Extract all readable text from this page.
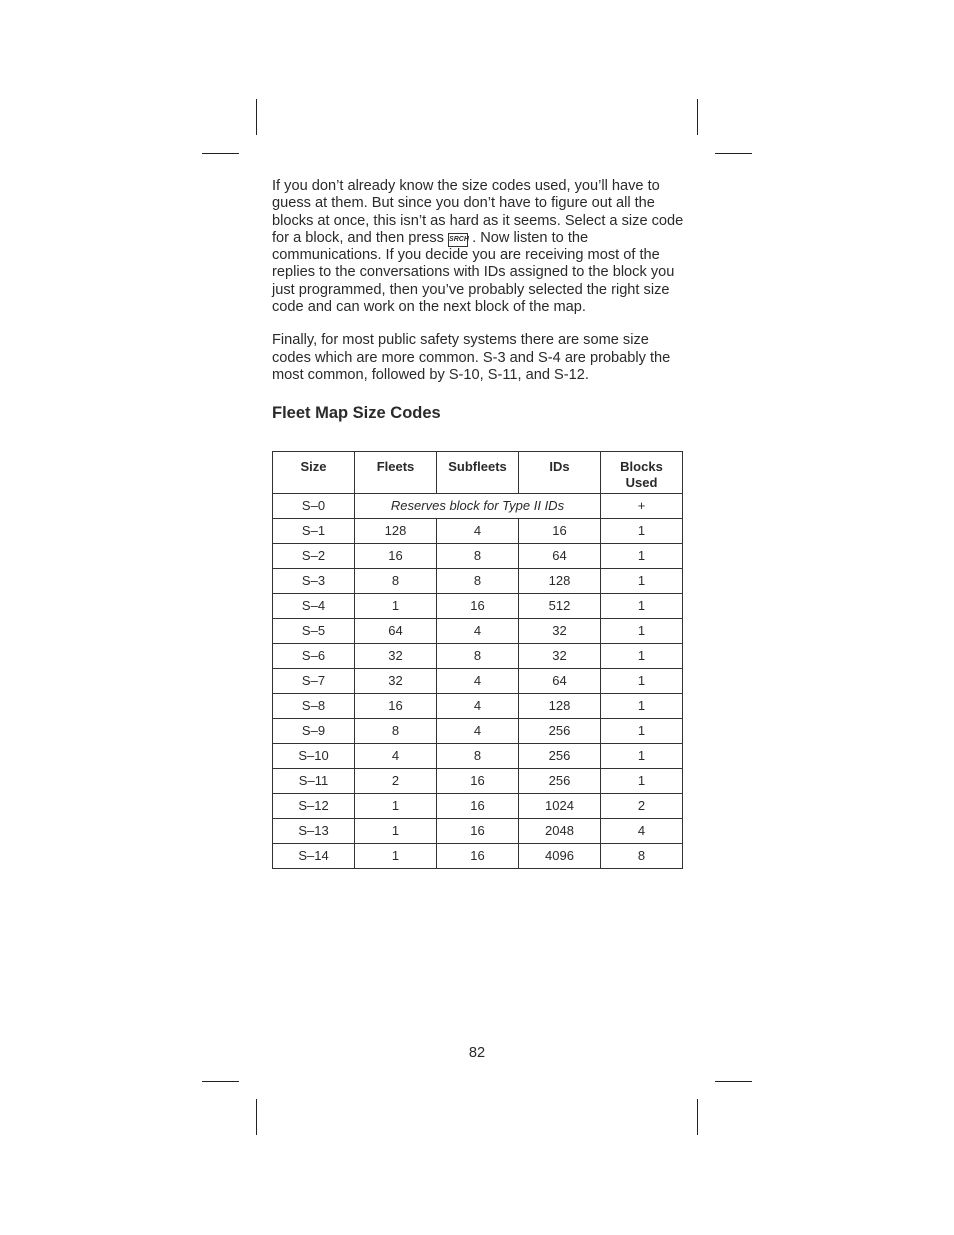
If you don’t already know the size codes used, you’ll have to guess at them. But since you don’t have to figure out all the blocks at once, this isn’t as hard as it seems. Select a size code for a block, and then press SRCH . Now listen to the communications. If you decide you are receiving most of the replies to the conversations with IDs assigned to the block you just programmed, then you’ve probably selected the right size code and can work on the next block of the map.

Finally, for most public safety systems there are some size codes which are more common. S-3 and S-4 are probably the most common, followed by S-10, S-11, and S-12.

Fleet Map Size Codes
Size	Fleets	Subfleets	IDs	Blocks Used
S–0	Reserves block for Type II IDs			+
S–1	128	4	16	1
S–2	16	8	64	1
S–3	8	8	128	1
S–4	1	16	512	1
S–5	64	4	32	1
S–6	32	8	32	1
S–7	32	4	64	1
S–8	16	4	128	1
S–9	8	4	256	1
S–10	4	8	256	1
S–11	2	16	256	1
S–12	1	16	1024	2
S–13	1	16	2048	4
S–14	1	16	4096	8
82
